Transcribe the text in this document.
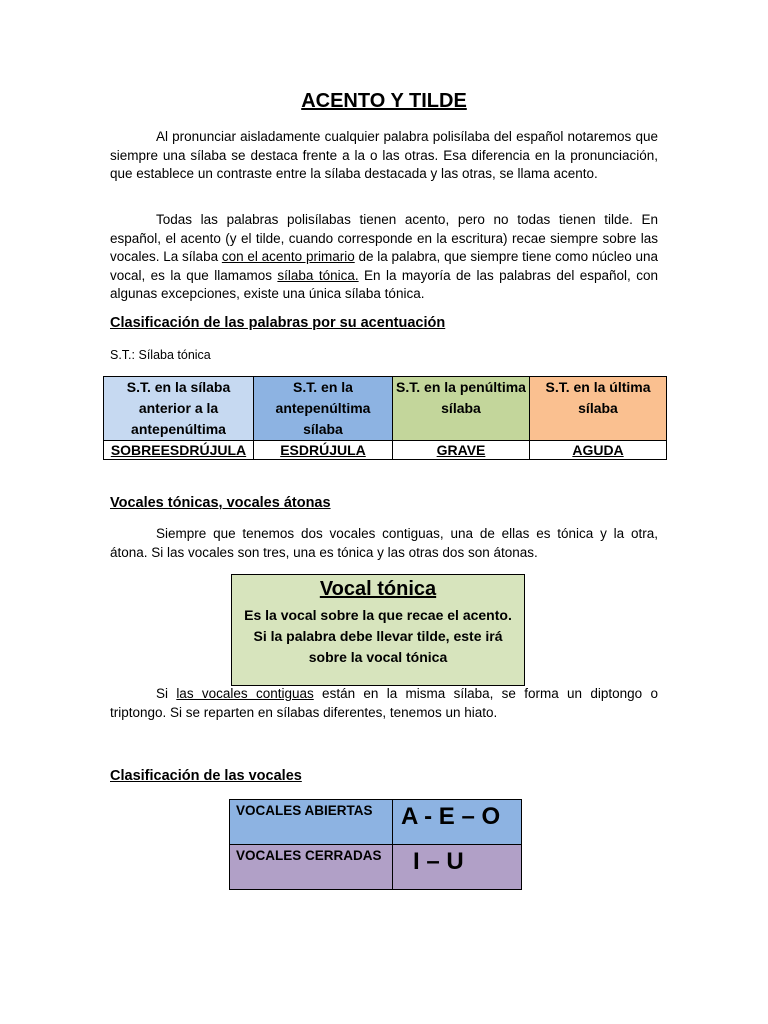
ACENTO Y TILDE

Al pronunciar aisladamente cualquier palabra polisílaba del español notaremos que siempre una sílaba se destaca frente a la o las otras. Esa diferencia en la pronunciación, que establece un contraste entre la sílaba destacada y las otras, se llama acento.

Todas las palabras polisílabas tienen acento, pero no todas tienen tilde. En español, el acento (y el tilde, cuando corresponde en la escritura) recae siempre sobre las vocales. La sílaba con el acento primario de la palabra, que siempre tiene como núcleo una vocal, es la que llamamos sílaba tónica. En la mayoría de las palabras del español, con algunas excepciones, existe una única sílaba tónica.

Clasificación de las palabras por su acentuación
S.T.: Sílaba tónica
S.T. en la sílaba anterior a la antepenúltima	S.T. en la antepenúltima sílaba	S.T. en la penúltima sílaba	S.T. en la última sílaba
SOBREESDRÚJULA	ESDRÚJULA	GRAVE	AGUDA
Vocales tónicas, vocales átonas

Siempre que tenemos dos vocales contiguas, una de ellas es tónica y la otra, átona. Si las vocales son tres, una es tónica y las otras dos son átonas.

Vocal tónica
Es la vocal sobre la que recae el acento. Si la palabra debe llevar tilde, este irá sobre la vocal tónica

Si las vocales contiguas están en la misma sílaba, se forma un diptongo o triptongo. Si se reparten en sílabas diferentes, tenemos un hiato.

Clasificación de las vocales
VOCALES ABIERTAS	A - E – O
VOCALES CERRADAS	I – U
